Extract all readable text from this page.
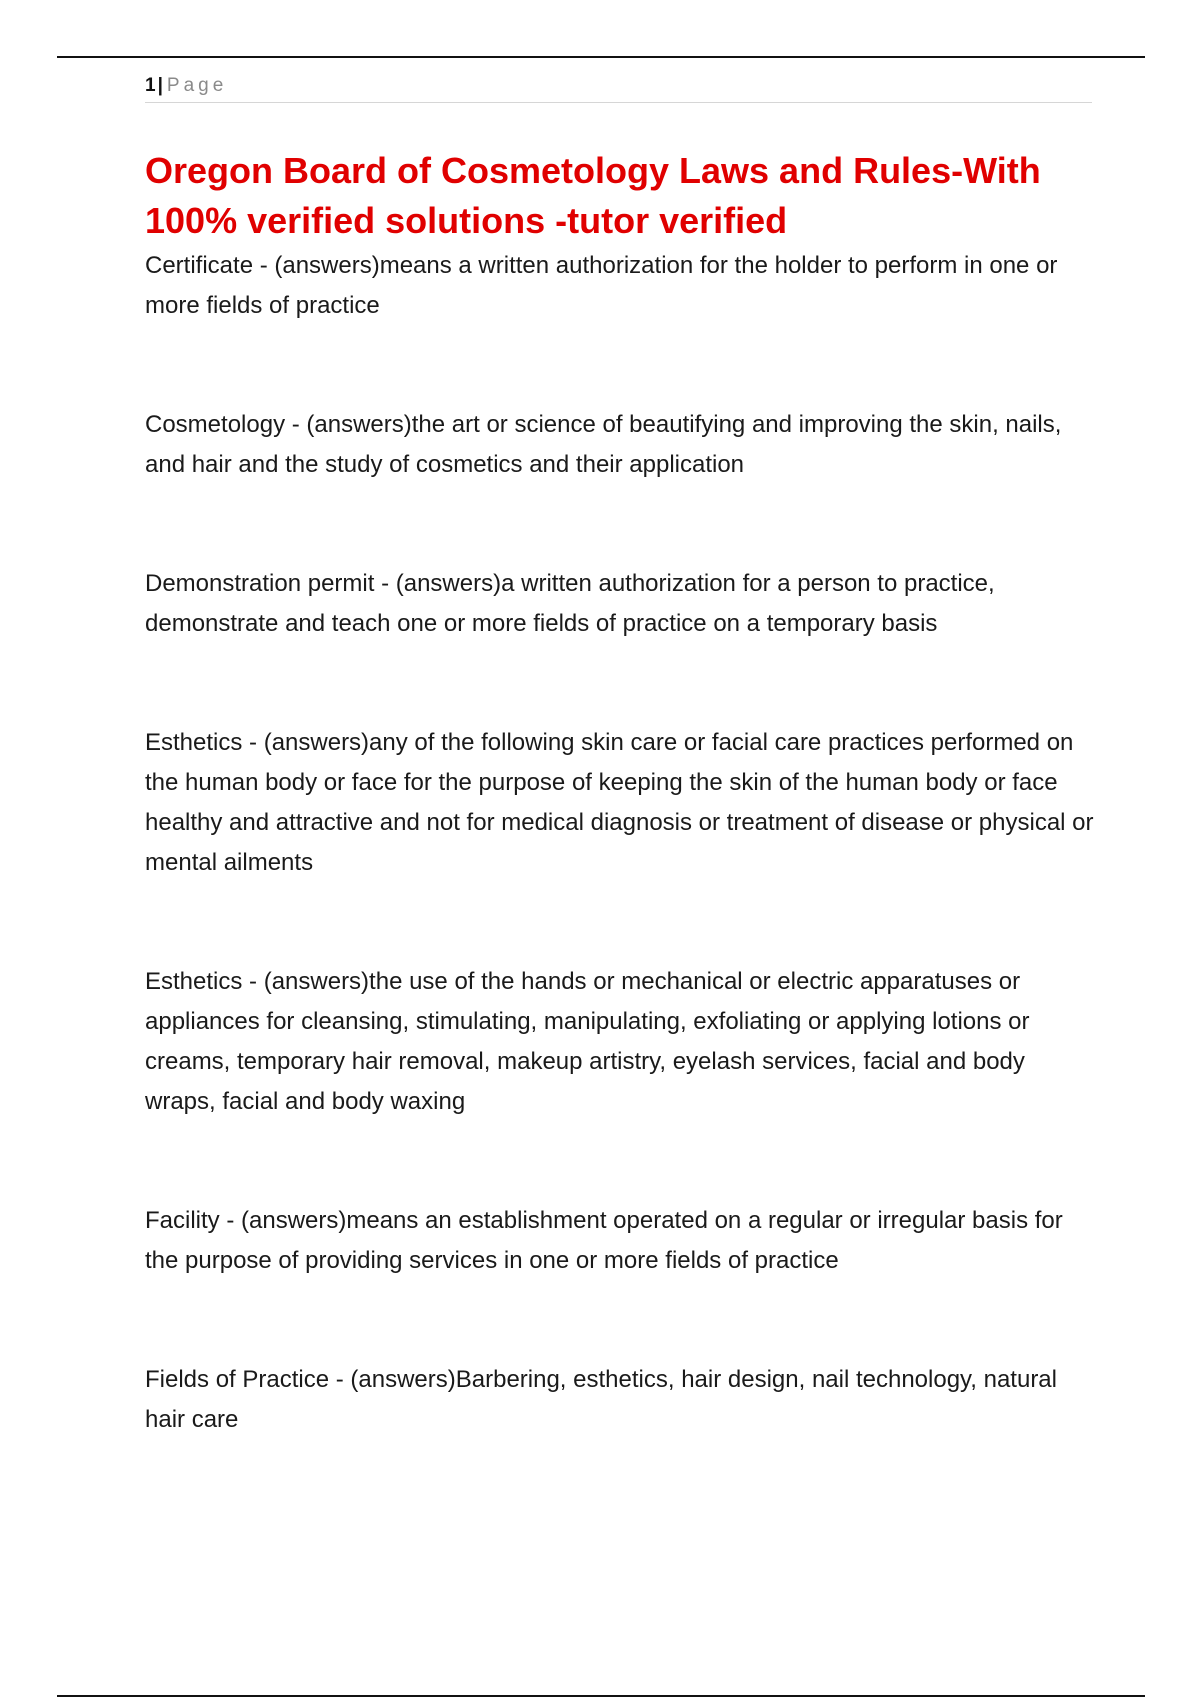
1 | Page
Oregon Board of Cosmetology Laws and Rules-With 100% verified solutions -tutor verified

Certificate - (answers)means a written authorization for the holder to perform in one or more fields of practice

Cosmetology - (answers)the art or science of beautifying and improving the skin, nails, and hair and the study of cosmetics and their application

Demonstration permit - (answers)a written authorization for a person to practice, demonstrate and teach one or more fields of practice on a temporary basis

Esthetics - (answers)any of the following skin care or facial care practices performed on the human body or face for the purpose of keeping the skin of the human body or face healthy and attractive and not for medical diagnosis or treatment of disease or physical or mental ailments

Esthetics - (answers)the use of the hands or mechanical or electric apparatuses or appliances for cleansing, stimulating, manipulating, exfoliating or applying lotions or creams, temporary hair removal, makeup artistry, eyelash services, facial and body wraps, facial and body waxing

Facility - (answers)means an establishment operated on a regular or irregular basis for the purpose of providing services in one or more fields of practice

Fields of Practice - (answers)Barbering, esthetics, hair design, nail technology, natural hair care
